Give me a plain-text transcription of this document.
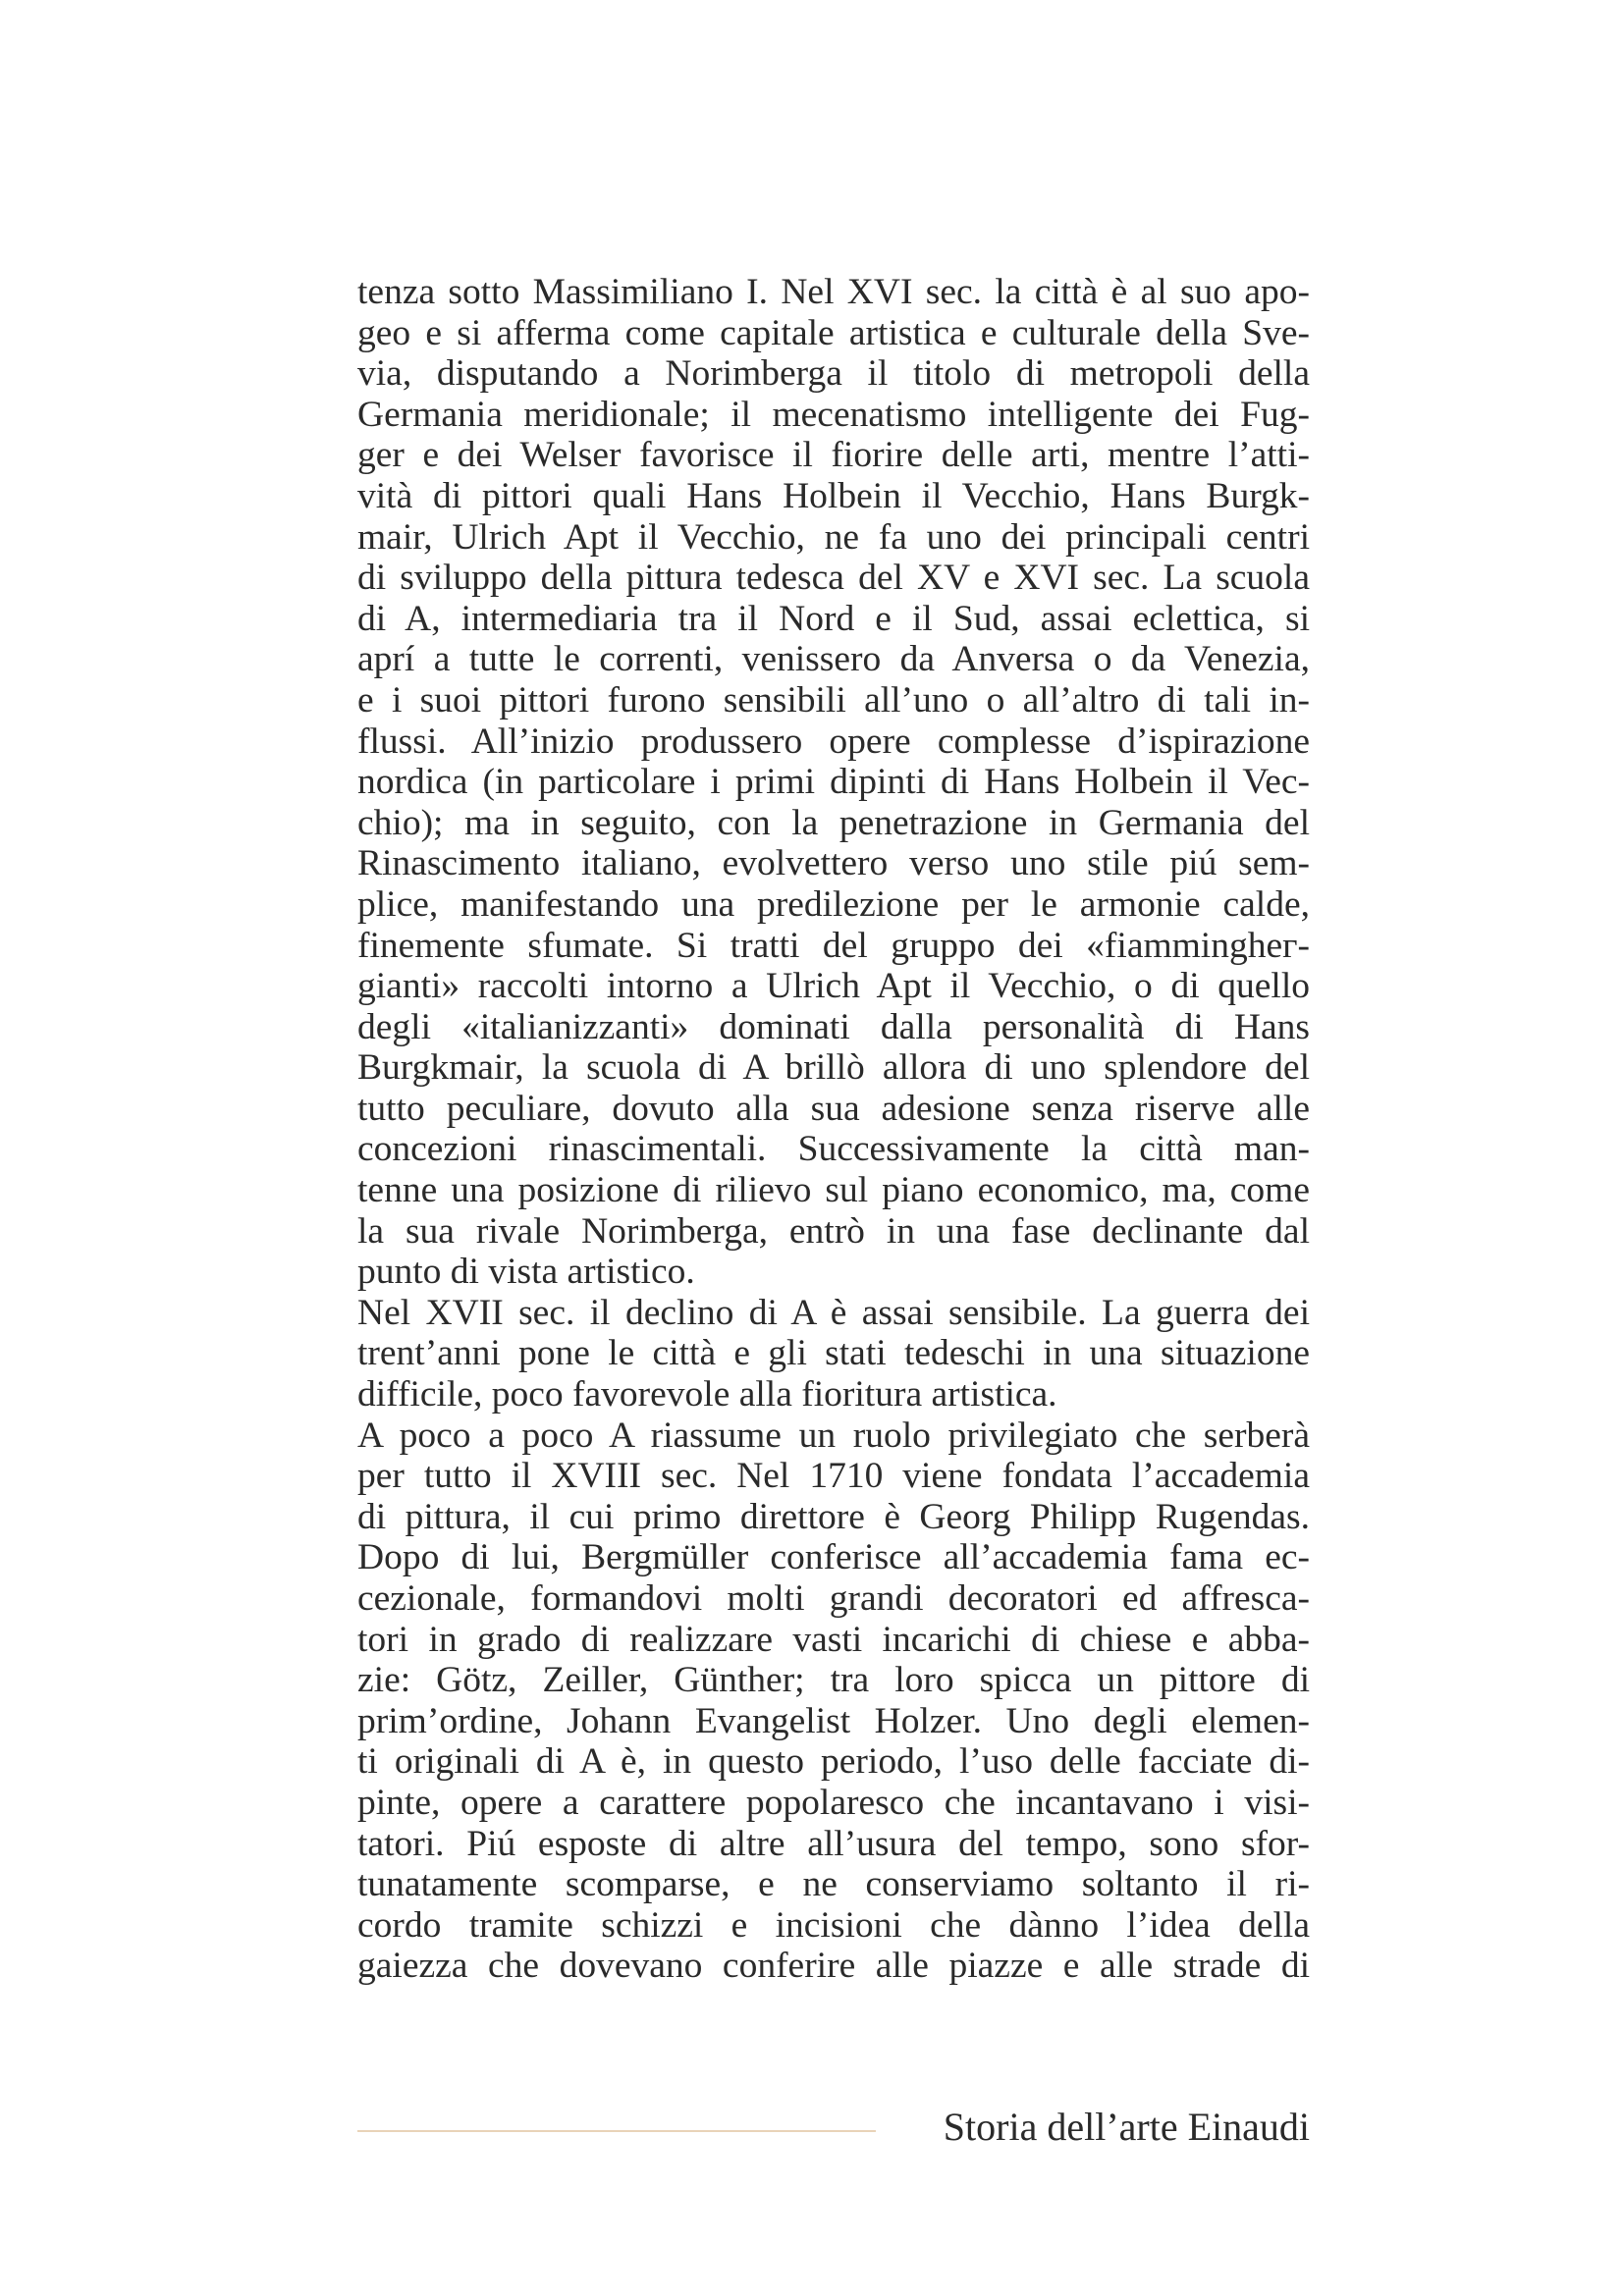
tenza sotto Massimiliano I. Nel XVI sec. la città è al suo apo-
geo e si afferma come capitale artistica e culturale della Sve-
via, disputando a Norimberga il titolo di metropoli della
Germania meridionale; il mecenatismo intelligente dei Fug-
ger e dei Welser favorisce il fiorire delle arti, mentre l’atti-
vità di pittori quali Hans Holbein il Vecchio, Hans Burgk-
mair, Ulrich Apt il Vecchio, ne fa uno dei principali centri
di sviluppo della pittura tedesca del XV e XVI sec. La scuola
di A, intermediaria tra il Nord e il Sud, assai eclettica, si
aprí a tutte le correnti, venissero da Anversa o da Venezia,
e i suoi pittori furono sensibili all’uno o all’altro di tali in-
flussi. All’inizio produssero opere complesse d’ispirazione
nordica (in particolare i primi dipinti di Hans Holbein il Vec-
chio); ma in seguito, con la penetrazione in Germania del
Rinascimento italiano, evolvettero verso uno stile piú sem-
plice, manifestando una predilezione per le armonie calde,
finemente sfumate. Si tratti del gruppo dei «fiamminghег-
gianti» raccolti intorno a Ulrich Apt il Vecchio, o di quello
degli «italianizzanti» dominati dalla personalità di Hans
Burgkmair, la scuola di A brillò allora di uno splendore del
tutto peculiare, dovuto alla sua adesione senza riserve alle
concezioni rinascimentali. Successivamente la città man-
tenne una posizione di rilievo sul piano economico, ma, come
la sua rivale Norimberga, entrò in una fase declinante dal
punto di vista artistico.
Nel XVII sec. il declino di A è assai sensibile. La guerra dei
trent’anni pone le città e gli stati tedeschi in una situazione
difficile, poco favorevole alla fioritura artistica.
A poco a poco A riassume un ruolo privilegiato che serberà
per tutto il XVIII sec. Nel 1710 viene fondata l’accademia
di pittura, il cui primo direttore è Georg Philipp Rugendas.
Dopo di lui, Bergmüller conferisce all’accademia fama ec-
cezionale, formandovi molti grandi decoratori ed affresca-
tori in grado di realizzare vasti incarichi di chiese e abba-
zie: Götz, Zeiller, Günther; tra loro spicca un pittore di
prim’ordine, Johann Evangelist Holzer. Uno degli elemen-
ti originali di A è, in questo periodo, l’uso delle facciate di-
pinte, opere a carattere popolaresco che incantavano i visi-
tatori. Piú esposte di altre all’usura del tempo, sono sfor-
tunatamente scomparse, e ne conserviamo soltanto il ri-
cordo tramite schizzi e incisioni che dànno l’idea della
gaiezza che dovevano conferire alle piazze e alle strade di
Storia dell’arte Einaudi
